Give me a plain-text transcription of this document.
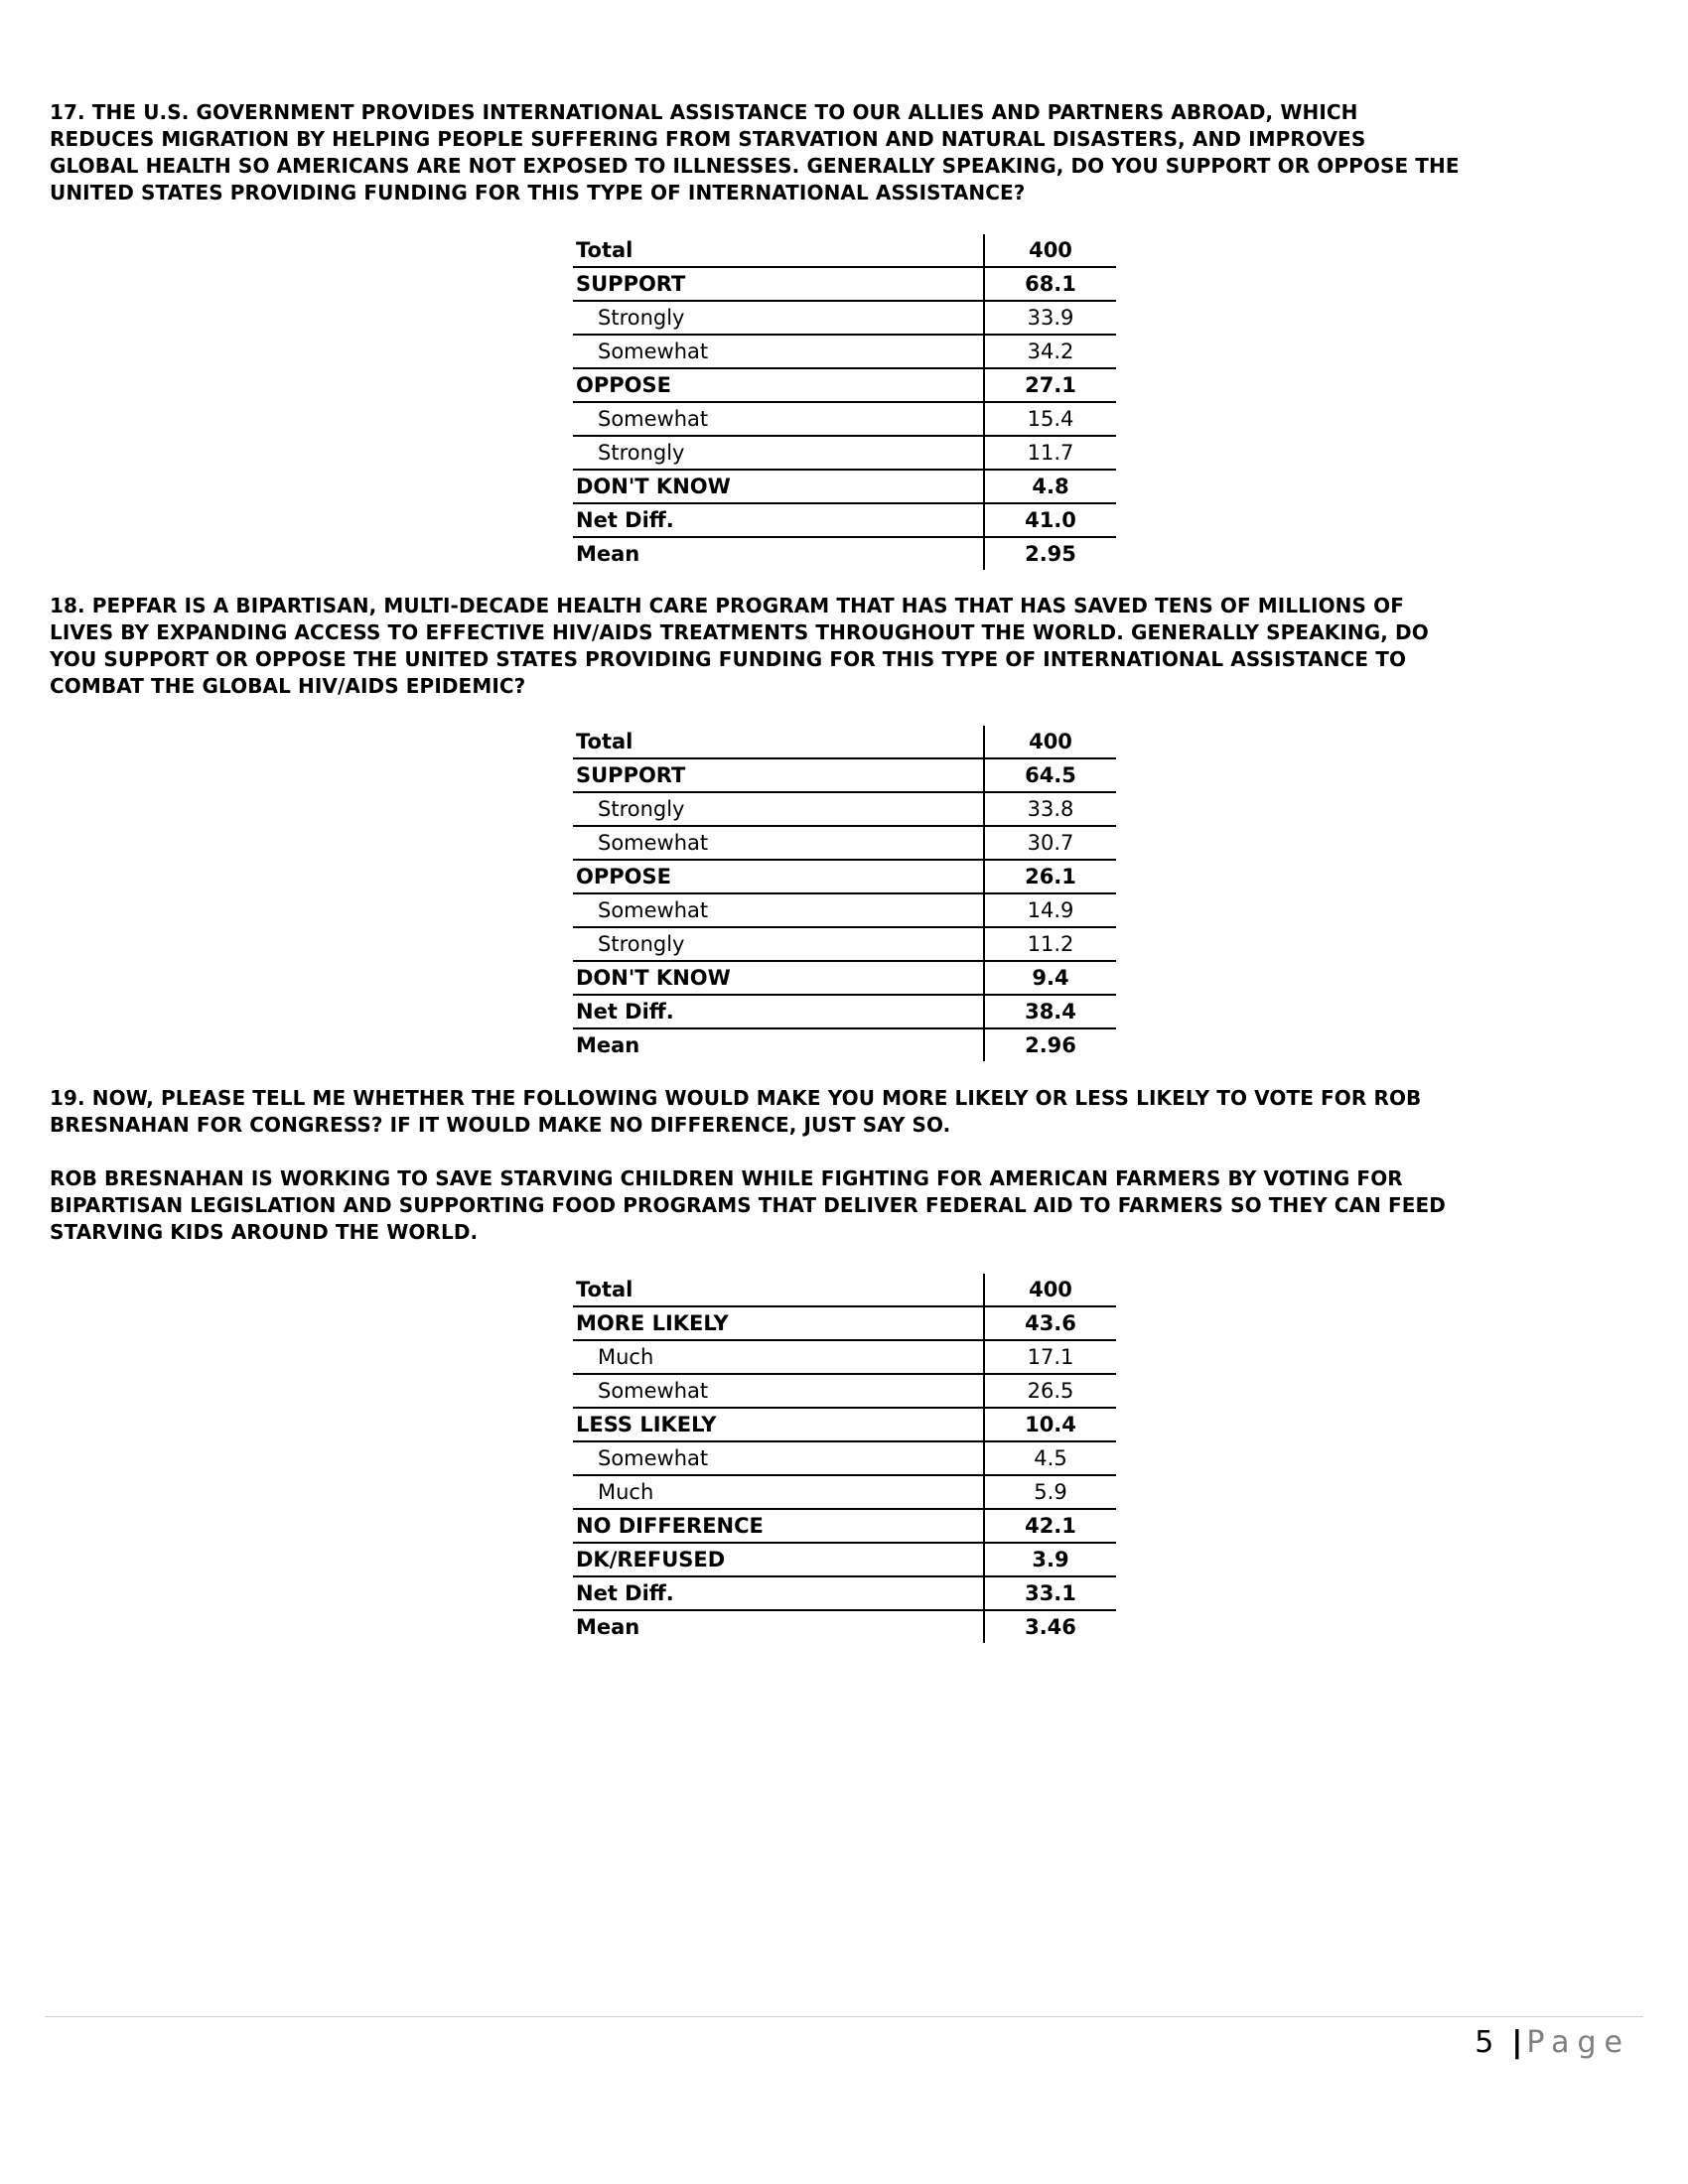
17. THE U.S. GOVERNMENT PROVIDES INTERNATIONAL ASSISTANCE TO OUR ALLIES AND PARTNERS ABROAD, WHICH
REDUCES MIGRATION BY HELPING PEOPLE SUFFERING FROM STARVATION AND NATURAL DISASTERS, AND IMPROVES
GLOBAL HEALTH SO AMERICANS ARE NOT EXPOSED TO ILLNESSES. GENERALLY SPEAKING, DO YOU SUPPORT OR OPPOSE THE
UNITED STATES PROVIDING FUNDING FOR THIS TYPE OF INTERNATIONAL ASSISTANCE?
Total	400
SUPPORT	68.1
Strongly	33.9
Somewhat	34.2
OPPOSE	27.1
Somewhat	15.4
Strongly	11.7
DON'T KNOW	4.8
Net Diff.	41.0
Mean	2.95
18. PEPFAR IS A BIPARTISAN, MULTI-DECADE HEALTH CARE PROGRAM THAT HAS THAT HAS SAVED TENS OF MILLIONS OF
LIVES BY EXPANDING ACCESS TO EFFECTIVE HIV/AIDS TREATMENTS THROUGHOUT THE WORLD. GENERALLY SPEAKING, DO
YOU SUPPORT OR OPPOSE THE UNITED STATES PROVIDING FUNDING FOR THIS TYPE OF INTERNATIONAL ASSISTANCE TO
COMBAT THE GLOBAL HIV/AIDS EPIDEMIC?
Total	400
SUPPORT	64.5
Strongly	33.8
Somewhat	30.7
OPPOSE	26.1
Somewhat	14.9
Strongly	11.2
DON'T KNOW	9.4
Net Diff.	38.4
Mean	2.96
19. NOW, PLEASE TELL ME WHETHER THE FOLLOWING WOULD MAKE YOU MORE LIKELY OR LESS LIKELY TO VOTE FOR ROB
BRESNAHAN FOR CONGRESS? IF IT WOULD MAKE NO DIFFERENCE, JUST SAY SO.
ROB BRESNAHAN IS WORKING TO SAVE STARVING CHILDREN WHILE FIGHTING FOR AMERICAN FARMERS BY VOTING FOR
BIPARTISAN LEGISLATION AND SUPPORTING FOOD PROGRAMS THAT DELIVER FEDERAL AID TO FARMERS SO THEY CAN FEED
STARVING KIDS AROUND THE WORLD.
Total	400
MORE LIKELY	43.6
Much	17.1
Somewhat	26.5
LESS LIKELY	10.4
Somewhat	4.5
Much	5.9
NO DIFFERENCE	42.1
DK/REFUSED	3.9
Net Diff.	33.1
Mean	3.46
5 | Page
